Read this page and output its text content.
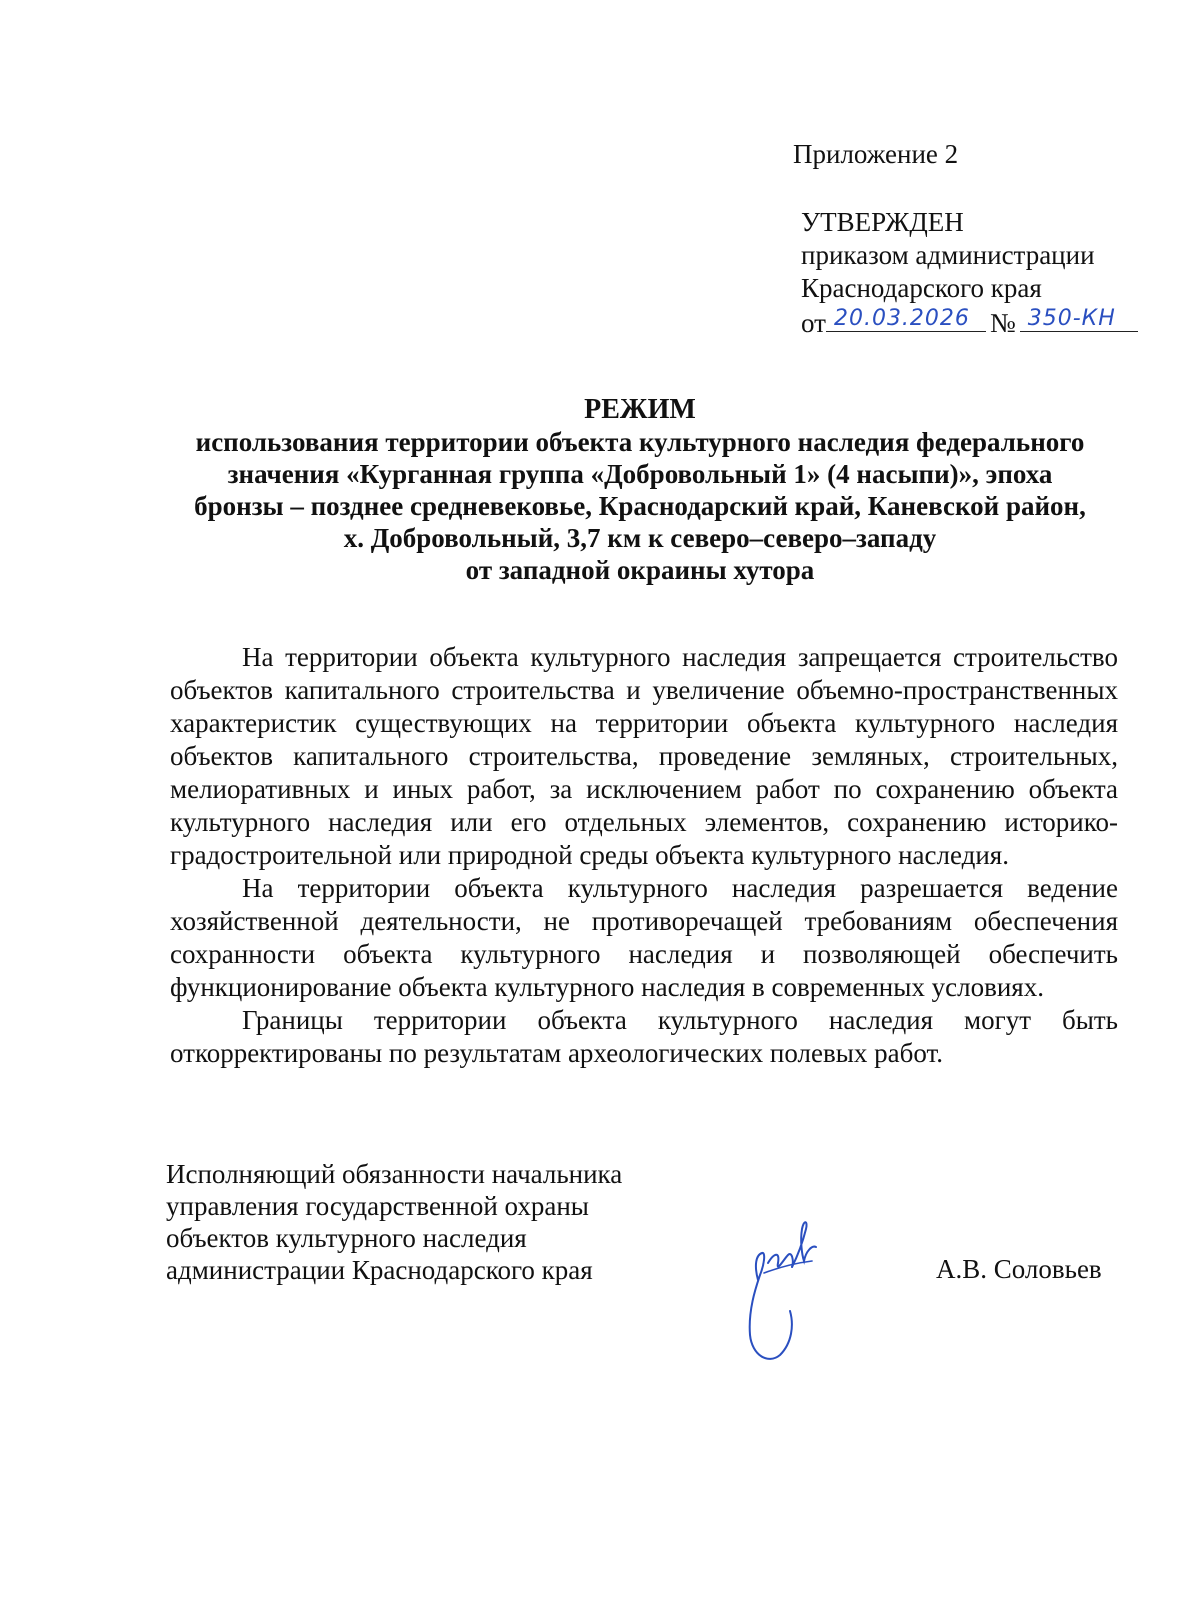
Приложение 2
УТВЕРЖДЕН
приказом администрации
Краснодарского края
от 20.03.2026 № 350-КН
РЕЖИМ
использования территории объекта культурного наследия федерального
значения «Курганная группа «Добровольный 1» (4 насыпи)», эпоха
бронзы – позднее средневековье, Краснодарский край, Каневской район,
х. Добровольный, 3,7 км к северо–северо–западу
от западной окраины хутора

На территории объекта культурного наследия запрещается строительство объектов капитального строительства и увеличение объемно-пространственных характеристик существующих на территории объекта культурного наследия объектов капитального строительства, проведение земляных, строительных, мелиоративных и иных работ, за исключением работ по сохранению объекта культурного наследия или его отдельных элементов, сохранению историко-градостроительной или природной среды объекта культурного наследия.

На территории объекта культурного наследия разрешается ведение хозяйственной деятельности, не противоречащей требованиям обеспечения сохранности объекта культурного наследия и позволяющей обеспечить функционирование объекта культурного наследия в современных условиях.

Границы территории объекта культурного наследия могут быть откорректированы по результатам археологических полевых работ.

Исполняющий обязанности начальника
управления государственной охраны
объектов культурного наследия
администрации Краснодарского края	А.В. Соловьев
